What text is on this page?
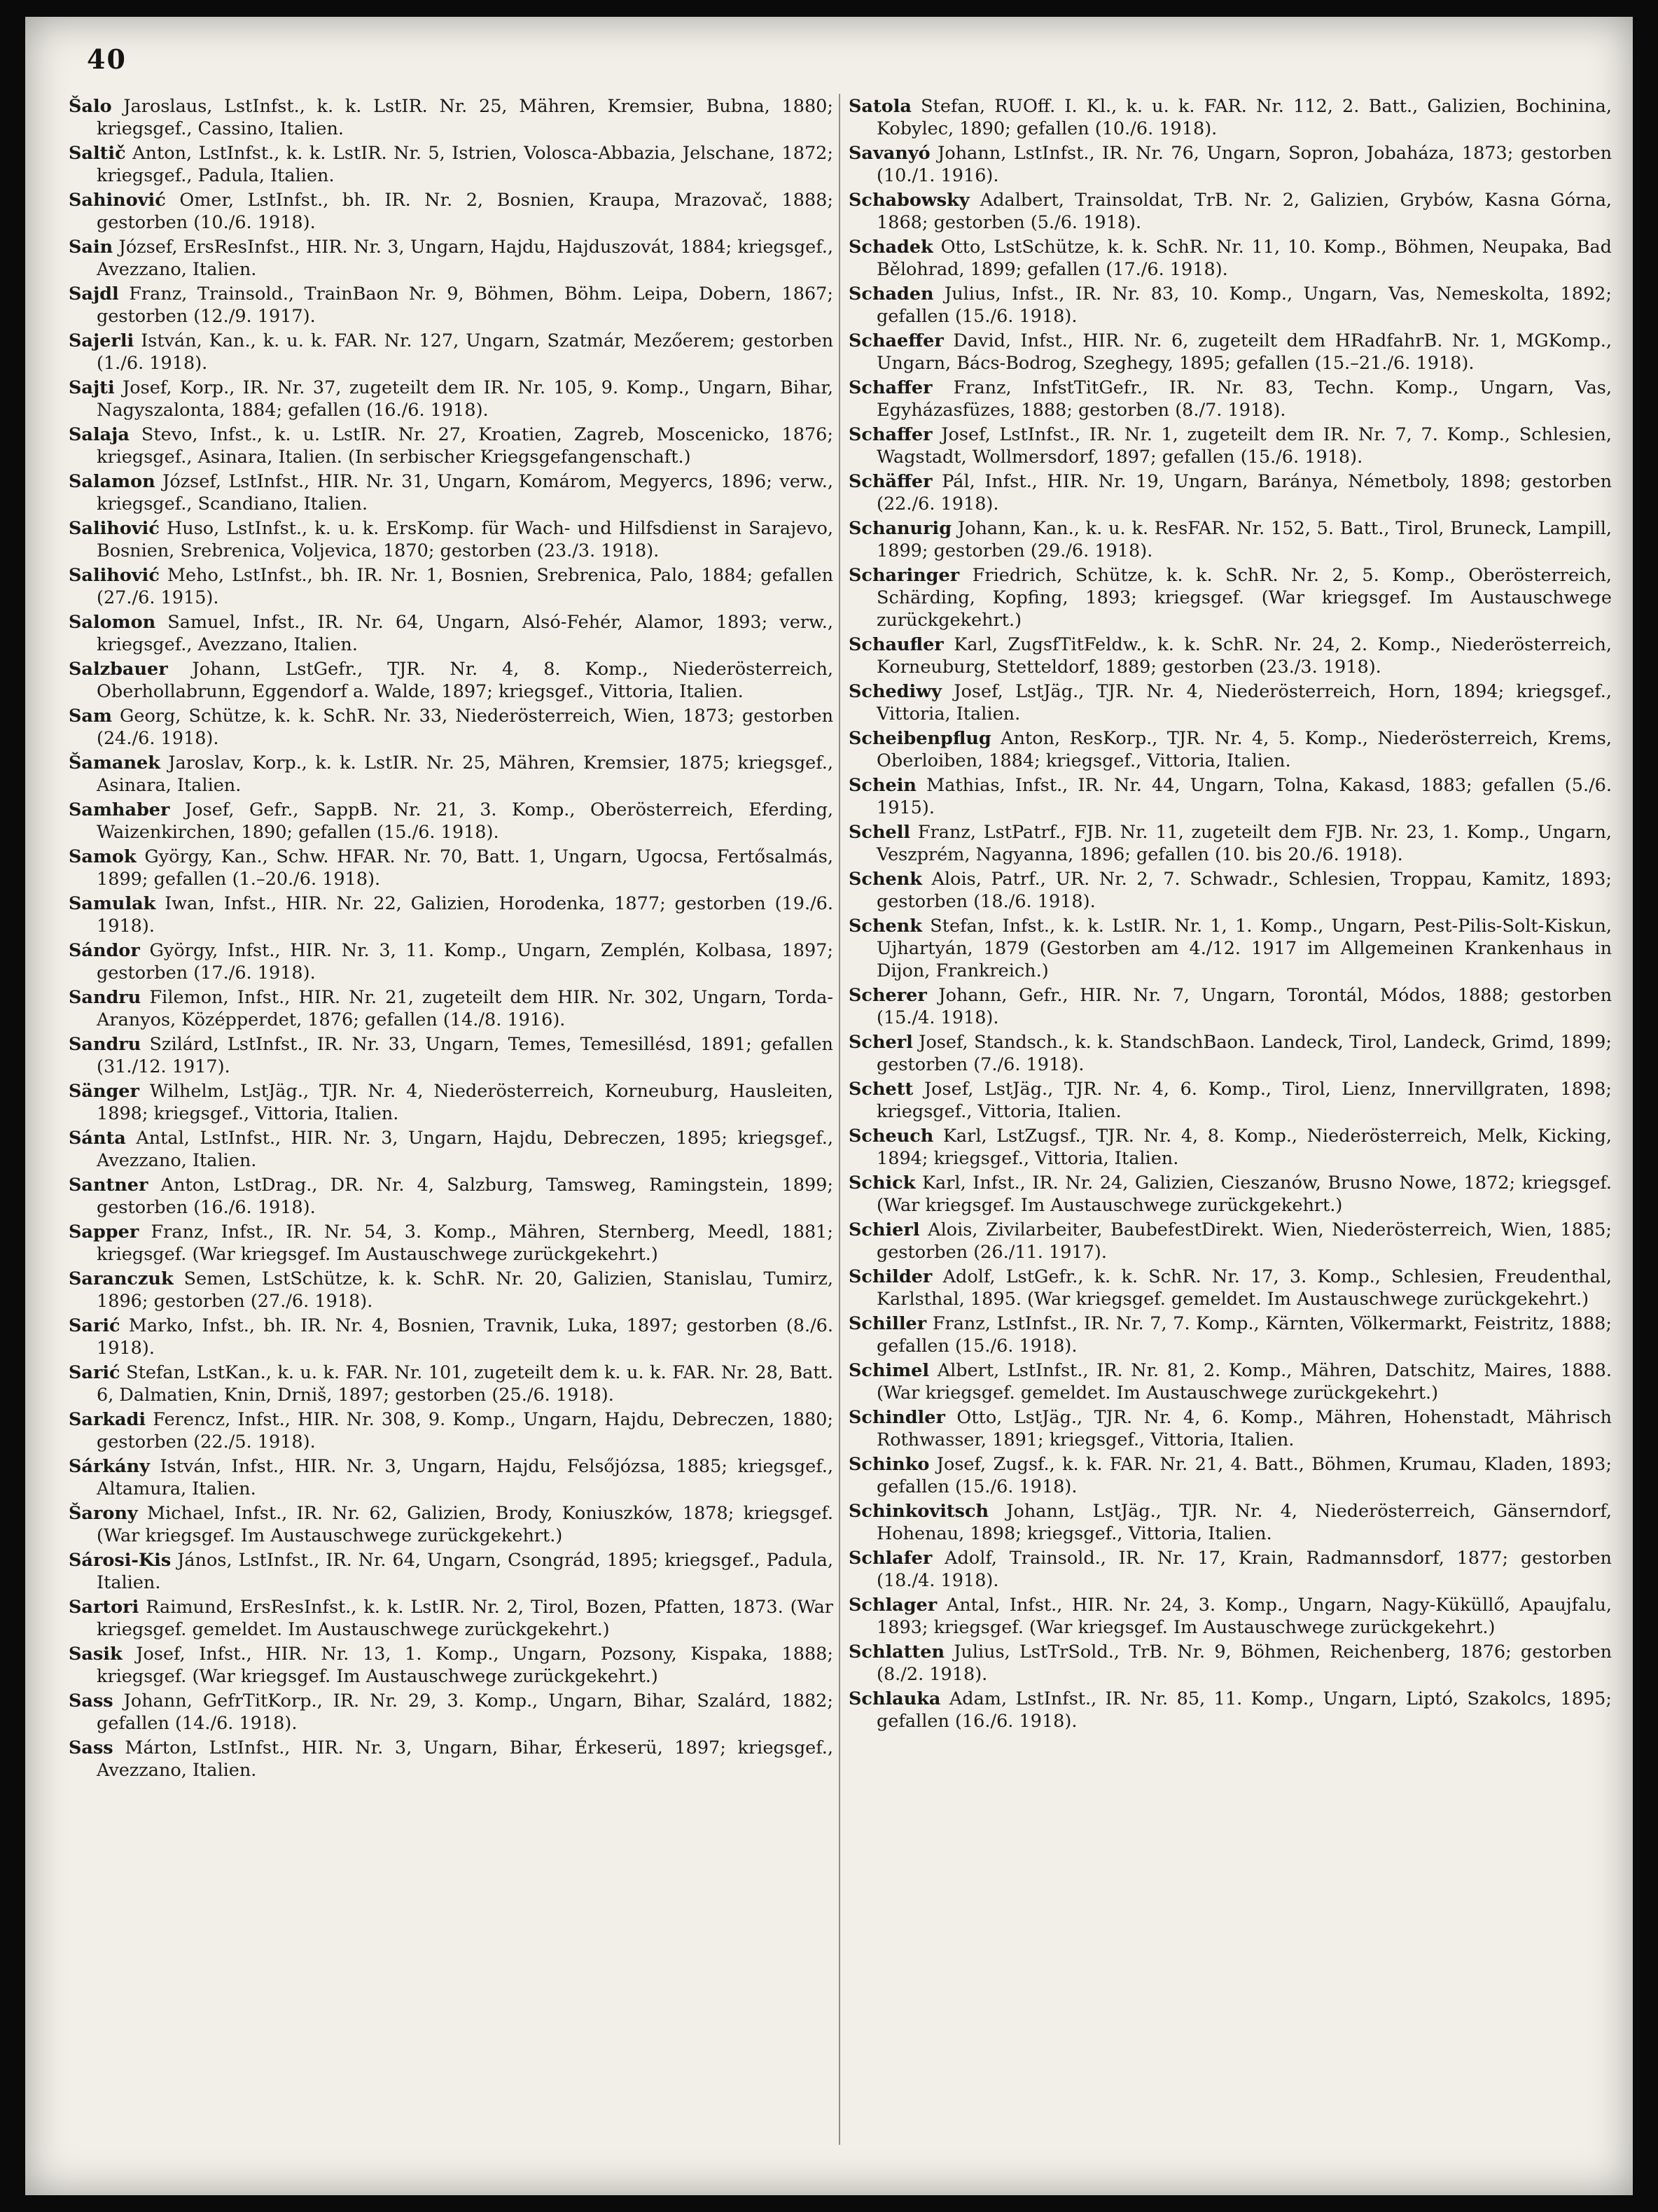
40
Šalo Jaroslaus, LstInfst., k. k. LstIR. Nr. 25, Mähren, Kremsier, Bubna, 1880; kriegsgef., Cassino, Italien.
Saltič Anton, LstInfst., k. k. LstIR. Nr. 5, Istrien, Volosca-Abbazia, Jelschane, 1872; kriegsgef., Padula, Italien.
Sahinović Omer, LstInfst., bh. IR. Nr. 2, Bosnien, Kraupa, Mrazovač, 1888; gestorben (10./6. 1918).
Sain József, ErsResInfst., HIR. Nr. 3, Ungarn, Hajdu, Hajduszovát, 1884; kriegsgef., Avezzano, Italien.
Sajdl Franz, Trainsold., TrainBaon Nr. 9, Böhmen, Böhm. Leipa, Dobern, 1867; gestorben (12./9. 1917).
Sajerli István, Kan., k. u. k. FAR. Nr. 127, Ungarn, Szatmár, Mezőerem; gestorben (1./6. 1918).
Sajti Josef, Korp., IR. Nr. 37, zugeteilt dem IR. Nr. 105, 9. Komp., Ungarn, Bihar, Nagyszalonta, 1884; gefallen (16./6. 1918).
Salaja Stevo, Infst., k. u. LstIR. Nr. 27, Kroatien, Zagreb, Moscenicko, 1876; kriegsgef., Asinara, Italien. (In serbischer Kriegsgefangenschaft.)
Salamon József, LstInfst., HIR. Nr. 31, Ungarn, Komárom, Megyercs, 1896; verw., kriegsgef., Scandiano, Italien.
Salihović Huso, LstInfst., k. u. k. ErsKomp. für Wach- und Hilfsdienst in Sarajevo, Bosnien, Srebrenica, Voljevica, 1870; gestorben (23./3. 1918).
Salihović Meho, LstInfst., bh. IR. Nr. 1, Bosnien, Srebrenica, Palo, 1884; gefallen (27./6. 1915).
Salomon Samuel, Infst., IR. Nr. 64, Ungarn, Alsó-Fehér, Alamor, 1893; verw., kriegsgef., Avezzano, Italien.
Salzbauer Johann, LstGefr., TJR. Nr. 4, 8. Komp., Niederösterreich, Oberhollabrunn, Eggendorf a. Walde, 1897; kriegsgef., Vittoria, Italien.
Sam Georg, Schütze, k. k. SchR. Nr. 33, Niederösterreich, Wien, 1873; gestorben (24./6. 1918).
Šamanek Jaroslav, Korp., k. k. LstIR. Nr. 25, Mähren, Kremsier, 1875; kriegsgef., Asinara, Italien.
Samhaber Josef, Gefr., SappB. Nr. 21, 3. Komp., Oberösterreich, Eferding, Waizenkirchen, 1890; gefallen (15./6. 1918).
Samok György, Kan., Schw. HFAR. Nr. 70, Batt. 1, Ungarn, Ugocsa, Fertősalmás, 1899; gefallen (1.–20./6. 1918).
Samulak Iwan, Infst., HIR. Nr. 22, Galizien, Horodenka, 1877; gestorben (19./6. 1918).
Sándor György, Infst., HIR. Nr. 3, 11. Komp., Ungarn, Zemplén, Kolbasa, 1897; gestorben (17./6. 1918).
Sandru Filemon, Infst., HIR. Nr. 21, zugeteilt dem HIR. Nr. 302, Ungarn, Torda-Aranyos, Középperdet, 1876; gefallen (14./8. 1916).
Sandru Szilárd, LstInfst., IR. Nr. 33, Ungarn, Temes, Temesillésd, 1891; gefallen (31./12. 1917).
Sänger Wilhelm, LstJäg., TJR. Nr. 4, Niederösterreich, Korneuburg, Hausleiten, 1898; kriegsgef., Vittoria, Italien.
Sánta Antal, LstInfst., HIR. Nr. 3, Ungarn, Hajdu, Debreczen, 1895; kriegsgef., Avezzano, Italien.
Santner Anton, LstDrag., DR. Nr. 4, Salzburg, Tamsweg, Ramingstein, 1899; gestorben (16./6. 1918).
Sapper Franz, Infst., IR. Nr. 54, 3. Komp., Mähren, Sternberg, Meedl, 1881; kriegsgef. (War kriegsgef. Im Austauschwege zurückgekehrt.)
Saranczuk Semen, LstSchütze, k. k. SchR. Nr. 20, Galizien, Stanislau, Tumirz, 1896; gestorben (27./6. 1918).
Sarić Marko, Infst., bh. IR. Nr. 4, Bosnien, Travnik, Luka, 1897; gestorben (8./6. 1918).
Sarić Stefan, LstKan., k. u. k. FAR. Nr. 101, zugeteilt dem k. u. k. FAR. Nr. 28, Batt. 6, Dalmatien, Knin, Drniš, 1897; gestorben (25./6. 1918).
Sarkadi Ferencz, Infst., HIR. Nr. 308, 9. Komp., Ungarn, Hajdu, Debreczen, 1880; gestorben (22./5. 1918).
Sárkány István, Infst., HIR. Nr. 3, Ungarn, Hajdu, Felsőjózsa, 1885; kriegsgef., Altamura, Italien.
Šarony Michael, Infst., IR. Nr. 62, Galizien, Brody, Koniuszków, 1878; kriegsgef. (War kriegsgef. Im Austauschwege zurückgekehrt.)
Sárosi-Kis János, LstInfst., IR. Nr. 64, Ungarn, Csongrád, 1895; kriegsgef., Padula, Italien.
Sartori Raimund, ErsResInfst., k. k. LstIR. Nr. 2, Tirol, Bozen, Pfatten, 1873. (War kriegsgef. gemeldet. Im Austauschwege zurückgekehrt.)
Sasik Josef, Infst., HIR. Nr. 13, 1. Komp., Ungarn, Pozsony, Kispaka, 1888; kriegsgef. (War kriegsgef. Im Austauschwege zurückgekehrt.)
Sass Johann, GefrTitKorp., IR. Nr. 29, 3. Komp., Ungarn, Bihar, Szalárd, 1882; gefallen (14./6. 1918).
Sass Márton, LstInfst., HIR. Nr. 3, Ungarn, Bihar, Érkeserü, 1897; kriegsgef., Avezzano, Italien.
Satola Stefan, RUOff. I. Kl., k. u. k. FAR. Nr. 112, 2. Batt., Galizien, Bochinina, Kobylec, 1890; gefallen (10./6. 1918).
Savanyó Johann, LstInfst., IR. Nr. 76, Ungarn, Sopron, Jobaháza, 1873; gestorben (10./1. 1916).
Schabowsky Adalbert, Trainsoldat, TrB. Nr. 2, Galizien, Grybów, Kasna Górna, 1868; gestorben (5./6. 1918).
Schadek Otto, LstSchütze, k. k. SchR. Nr. 11, 10. Komp., Böhmen, Neupaka, Bad Bělohrad, 1899; gefallen (17./6. 1918).
Schaden Julius, Infst., IR. Nr. 83, 10. Komp., Ungarn, Vas, Nemeskolta, 1892; gefallen (15./6. 1918).
Schaeffer David, Infst., HIR. Nr. 6, zugeteilt dem HRadfahrB. Nr. 1, MGKomp., Ungarn, Bács-Bodrog, Szeghegy, 1895; gefallen (15.–21./6. 1918).
Schaffer Franz, InfstTitGefr., IR. Nr. 83, Techn. Komp., Ungarn, Vas, Egyházasfüzes, 1888; gestorben (8./7. 1918).
Schaffer Josef, LstInfst., IR. Nr. 1, zugeteilt dem IR. Nr. 7, 7. Komp., Schlesien, Wagstadt, Wollmersdorf, 1897; gefallen (15./6. 1918).
Schäffer Pál, Infst., HIR. Nr. 19, Ungarn, Baránya, Németboly, 1898; gestorben (22./6. 1918).
Schanurig Johann, Kan., k. u. k. ResFAR. Nr. 152, 5. Batt., Tirol, Bruneck, Lampill, 1899; gestorben (29./6. 1918).
Scharinger Friedrich, Schütze, k. k. SchR. Nr. 2, 5. Komp., Oberösterreich, Schärding, Kopfing, 1893; kriegsgef. (War kriegsgef. Im Austauschwege zurückgekehrt.)
Schaufler Karl, ZugsfTitFeldw., k. k. SchR. Nr. 24, 2. Komp., Niederösterreich, Korneuburg, Stetteldorf, 1889; gestorben (23./3. 1918).
Schediwy Josef, LstJäg., TJR. Nr. 4, Niederösterreich, Horn, 1894; kriegsgef., Vittoria, Italien.
Scheibenpflug Anton, ResKorp., TJR. Nr. 4, 5. Komp., Niederösterreich, Krems, Oberloiben, 1884; kriegsgef., Vittoria, Italien.
Schein Mathias, Infst., IR. Nr. 44, Ungarn, Tolna, Kakasd, 1883; gefallen (5./6. 1915).
Schell Franz, LstPatrf., FJB. Nr. 11, zugeteilt dem FJB. Nr. 23, 1. Komp., Ungarn, Veszprém, Nagyanna, 1896; gefallen (10. bis 20./6. 1918).
Schenk Alois, Patrf., UR. Nr. 2, 7. Schwadr., Schlesien, Troppau, Kamitz, 1893; gestorben (18./6. 1918).
Schenk Stefan, Infst., k. k. LstIR. Nr. 1, 1. Komp., Ungarn, Pest-Pilis-Solt-Kiskun, Ujhartyán, 1879 (Gestorben am 4./12. 1917 im Allgemeinen Krankenhaus in Dijon, Frankreich.)
Scherer Johann, Gefr., HIR. Nr. 7, Ungarn, Torontál, Módos, 1888; gestorben (15./4. 1918).
Scherl Josef, Standsch., k. k. StandschBaon. Landeck, Tirol, Landeck, Grimd, 1899; gestorben (7./6. 1918).
Schett Josef, LstJäg., TJR. Nr. 4, 6. Komp., Tirol, Lienz, Innervillgraten, 1898; kriegsgef., Vittoria, Italien.
Scheuch Karl, LstZugsf., TJR. Nr. 4, 8. Komp., Niederösterreich, Melk, Kicking, 1894; kriegsgef., Vittoria, Italien.
Schick Karl, Infst., IR. Nr. 24, Galizien, Cieszanów, Brusno Nowe, 1872; kriegsgef. (War kriegsgef. Im Austauschwege zurückgekehrt.)
Schierl Alois, Zivilarbeiter, BaubefestDirekt. Wien, Niederösterreich, Wien, 1885; gestorben (26./11. 1917).
Schilder Adolf, LstGefr., k. k. SchR. Nr. 17, 3. Komp., Schlesien, Freudenthal, Karlsthal, 1895. (War kriegsgef. gemeldet. Im Austauschwege zurückgekehrt.)
Schiller Franz, LstInfst., IR. Nr. 7, 7. Komp., Kärnten, Völkermarkt, Feistritz, 1888; gefallen (15./6. 1918).
Schimel Albert, LstInfst., IR. Nr. 81, 2. Komp., Mähren, Datschitz, Maires, 1888. (War kriegsgef. gemeldet. Im Austauschwege zurückgekehrt.)
Schindler Otto, LstJäg., TJR. Nr. 4, 6. Komp., Mähren, Hohenstadt, Mährisch Rothwasser, 1891; kriegsgef., Vittoria, Italien.
Schinko Josef, Zugsf., k. k. FAR. Nr. 21, 4. Batt., Böhmen, Krumau, Kladen, 1893; gefallen (15./6. 1918).
Schinkovitsch Johann, LstJäg., TJR. Nr. 4, Niederösterreich, Gänserndorf, Hohenau, 1898; kriegsgef., Vittoria, Italien.
Schlafer Adolf, Trainsold., IR. Nr. 17, Krain, Radmannsdorf, 1877; gestorben (18./4. 1918).
Schlager Antal, Infst., HIR. Nr. 24, 3. Komp., Ungarn, Nagy-Küküllő, Apaujfalu, 1893; kriegsgef. (War kriegsgef. Im Austauschwege zurückgekehrt.)
Schlatten Julius, LstTrSold., TrB. Nr. 9, Böhmen, Reichenberg, 1876; gestorben (8./2. 1918).
Schlauka Adam, LstInfst., IR. Nr. 85, 11. Komp., Ungarn, Liptó, Szakolcs, 1895; gefallen (16./6. 1918).
